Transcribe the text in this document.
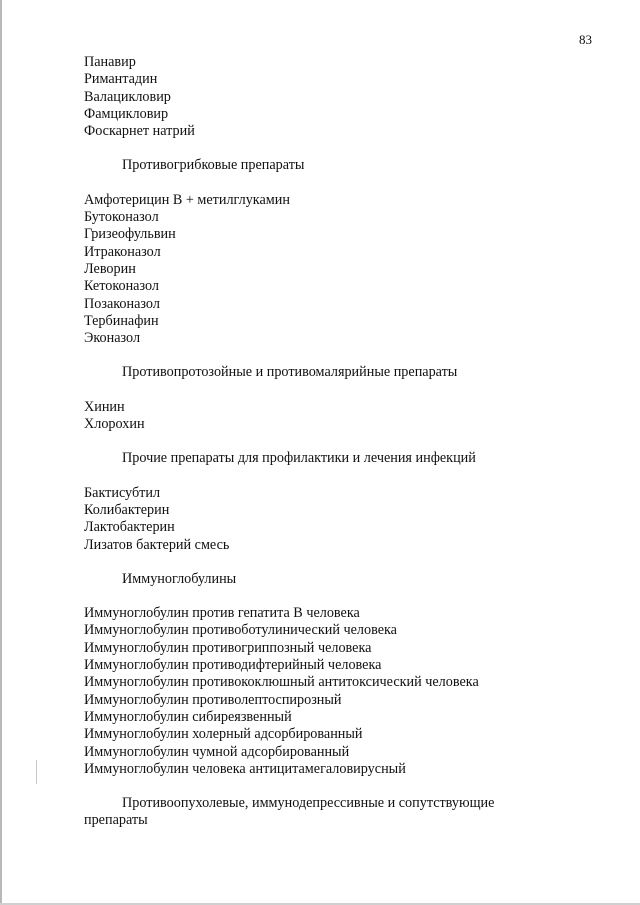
83
Панавир
Римантадин
Валацикловир
Фамцикловир
Фоскарнет натрий
Противогрибковые препараты
Амфотерицин В + метилглукамин
Бутоконазол
Гризеофульвин
Итраконазол
Леворин
Кетоконазол
Позаконазол
Тербинафин
Эконазол
Противопротозойные и противомалярийные препараты
Хинин
Хлорохин
Прочие препараты для профилактики и лечения инфекций
Бактисубтил
Колибактерин
Лактобактерин
Лизатов бактерий смесь
Иммуноглобулины
Иммуноглобулин против гепатита В человека
Иммуноглобулин противоботулинический человека
Иммуноглобулин противогриппозный человека
Иммуноглобулин противодифтерийный человека
Иммуноглобулин противококлюшный антитоксический человека
Иммуноглобулин противолептоспирозный
Иммуноглобулин сибиреязвенный
Иммуноглобулин холерный адсорбированный
Иммуноглобулин чумной адсорбированный
Иммуноглобулин человека антицитамегаловирусный
Противоопухолевые, иммунодепрессивные и сопутствующие препараты
